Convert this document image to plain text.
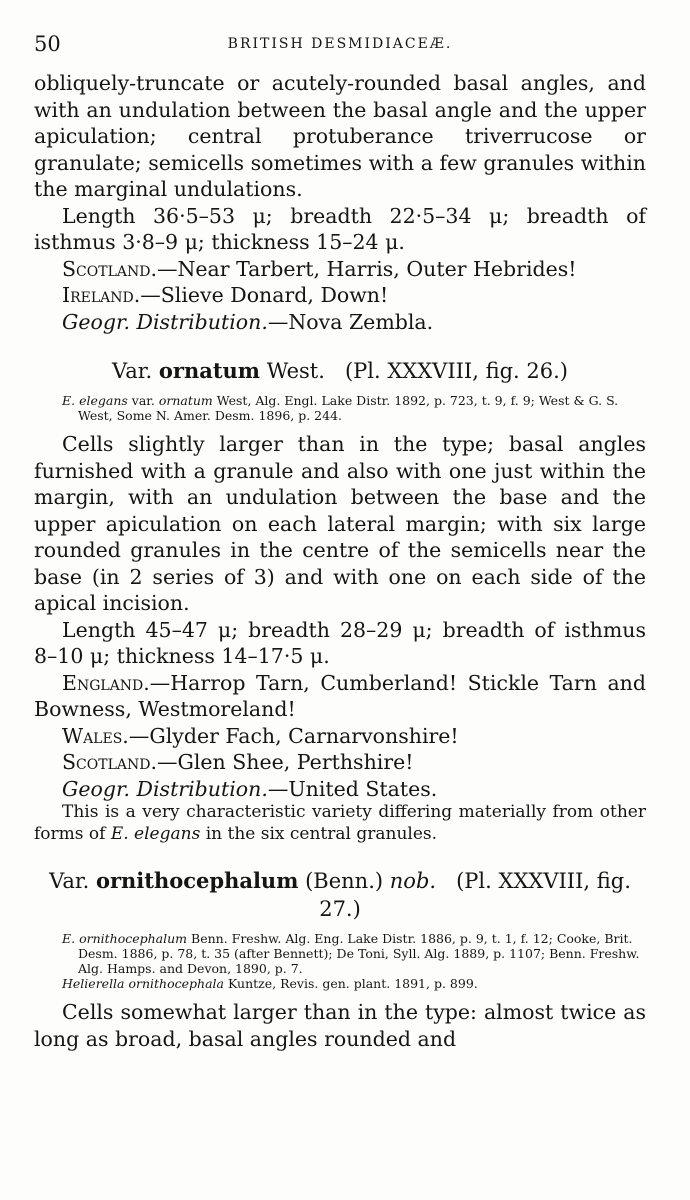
50	BRITISH DESMIDIACEÆ.

obliquely-truncate or acutely-rounded basal angles, and with an undulation between the basal angle and the upper apiculation; central protuberance triverrucose or granulate; semicells sometimes with a few granules within the marginal undulations.

Length 36·5–53 μ; breadth 22·5–34 μ; breadth of isthmus 3·8–9 μ; thickness 15–24 μ.

Scotland.—Near Tarbert, Harris, Outer Hebrides!

Ireland.—Slieve Donard, Down!

Geogr. Distribution.—Nova Zembla.

Var. ornatum West. (Pl. XXXVIII, fig. 26.)

E. elegans var. ornatum West, Alg. Engl. Lake Distr. 1892, p. 723, t. 9, f. 9; West & G. S. West, Some N. Amer. Desm. 1896, p. 244.

Cells slightly larger than in the type; basal angles furnished with a granule and also with one just within the margin, with an undulation between the base and the upper apiculation on each lateral margin; with six large rounded granules in the centre of the semicells near the base (in 2 series of 3) and with one on each side of the apical incision.

Length 45–47 μ; breadth 28–29 μ; breadth of isthmus 8–10 μ; thickness 14–17·5 μ.

England.—Harrop Tarn, Cumberland! Stickle Tarn and Bowness, Westmoreland!

Wales.—Glyder Fach, Carnarvonshire!

Scotland.—Glen Shee, Perthshire!

Geogr. Distribution.—United States.

This is a very characteristic variety differing materially from other forms of E. elegans in the six central granules.

Var. ornithocephalum (Benn.) nob. (Pl. XXXVIII, fig. 27.)

E. ornithocephalum Benn. Freshw. Alg. Eng. Lake Distr. 1886, p. 9, t. 1, f. 12; Cooke, Brit. Desm. 1886, p. 78, t. 35 (after Bennett); De Toni, Syll. Alg. 1889, p. 1107; Benn. Freshw. Alg. Hamps. and Devon, 1890, p. 7.

Helierella ornithocephala Kuntze, Revis. gen. plant. 1891, p. 899.

Cells somewhat larger than in the type: almost twice as long as broad, basal angles rounded and
